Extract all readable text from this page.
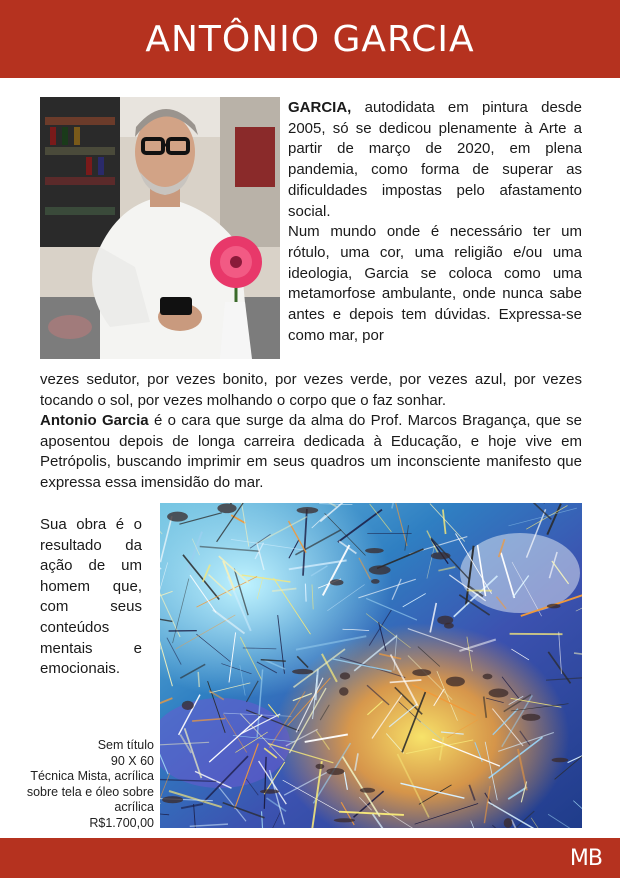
ANTÔNIO GARCIA

GARCIA, autodidata em pintura desde 2005, só se dedicou plenamente à Arte a partir de março de 2020, em plena pandemia, como forma de superar as dificuldades impostas pelo afastamento social.

Num mundo onde é necessário ter um rótulo, uma cor, uma religião e/ou uma ideologia, Garcia se coloca como uma metamorfose ambulante, onde nunca sabe antes e depois tem dúvidas. Expressa-se como mar, por

vezes sedutor, por vezes bonito, por vezes verde, por vezes azul, por vezes tocando o sol, por vezes molhando o corpo que o faz sonhar.

Antonio Garcia é o cara que surge da alma do Prof. Marcos Bragança, que se aposentou depois de longa carreira dedicada à Educação, e hoje vive em Petrópolis, buscando imprimir em seus quadros um inconsciente manifesto que expressa essa imensidão do mar.

Sua obra é o resultado da ação de um homem que, com seus conteúdos mentais e emocionais.
Sem título
90 X 60
Técnica Mista, acrílica
sobre tela e óleo sobre
acrílica
R$1.700,00
MB
